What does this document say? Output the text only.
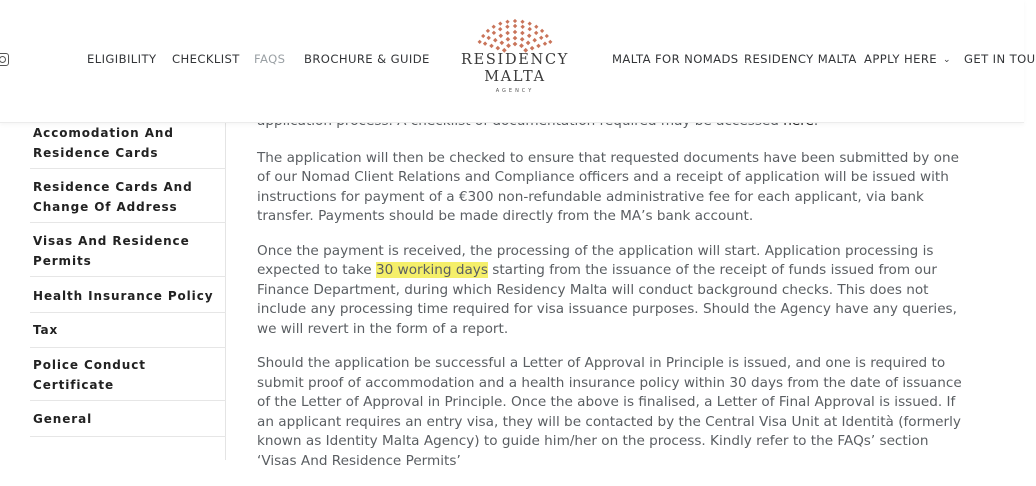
Accomodation And Residence Cards
Residence Cards And Change Of Address
Visas And Residence Permits
Health Insurance Policy
Tax
Police Conduct Certificate
General

The application will then be checked to ensure that requested documents have been submitted by one of our Nomad Client Relations and Compliance officers and a receipt of application will be issued with instructions for payment of a €300 non-refundable administrative fee for each applicant, via bank transfer. Payments should be made directly from the MA’s bank account.

Once the payment is received, the processing of the application will start. Application processing is expected to take 30 working days starting from the issuance of the receipt of funds issued from our Finance Department, during which Residency Malta will conduct background checks. This does not include any processing time required for visa issuance purposes. Should the Agency have any queries, we will revert in the form of a report.

Should the application be successful a Letter of Approval in Principle is issued, and one is required to submit proof of accommodation and a health insurance policy within 30 days from the date of issuance of the Letter of Approval in Principle. Once the above is finalised, a Letter of Final Approval is issued. If an applicant requires an entry visa, they will be contacted by the Central Visa Unit at Identità (formerly known as Identity Malta Agency) to guide him/her on the process. Kindly refer to the FAQs’ section ‘Visas And Residence Permits’

ELIGIBILITY CHECKLIST FAQS BROCHURE & GUIDE	RESIDENCY
MALTA
AGENCY
MALTA FOR NOMADS RESIDENCY MALTA APPLY HERE ⌄ GET IN TOU
